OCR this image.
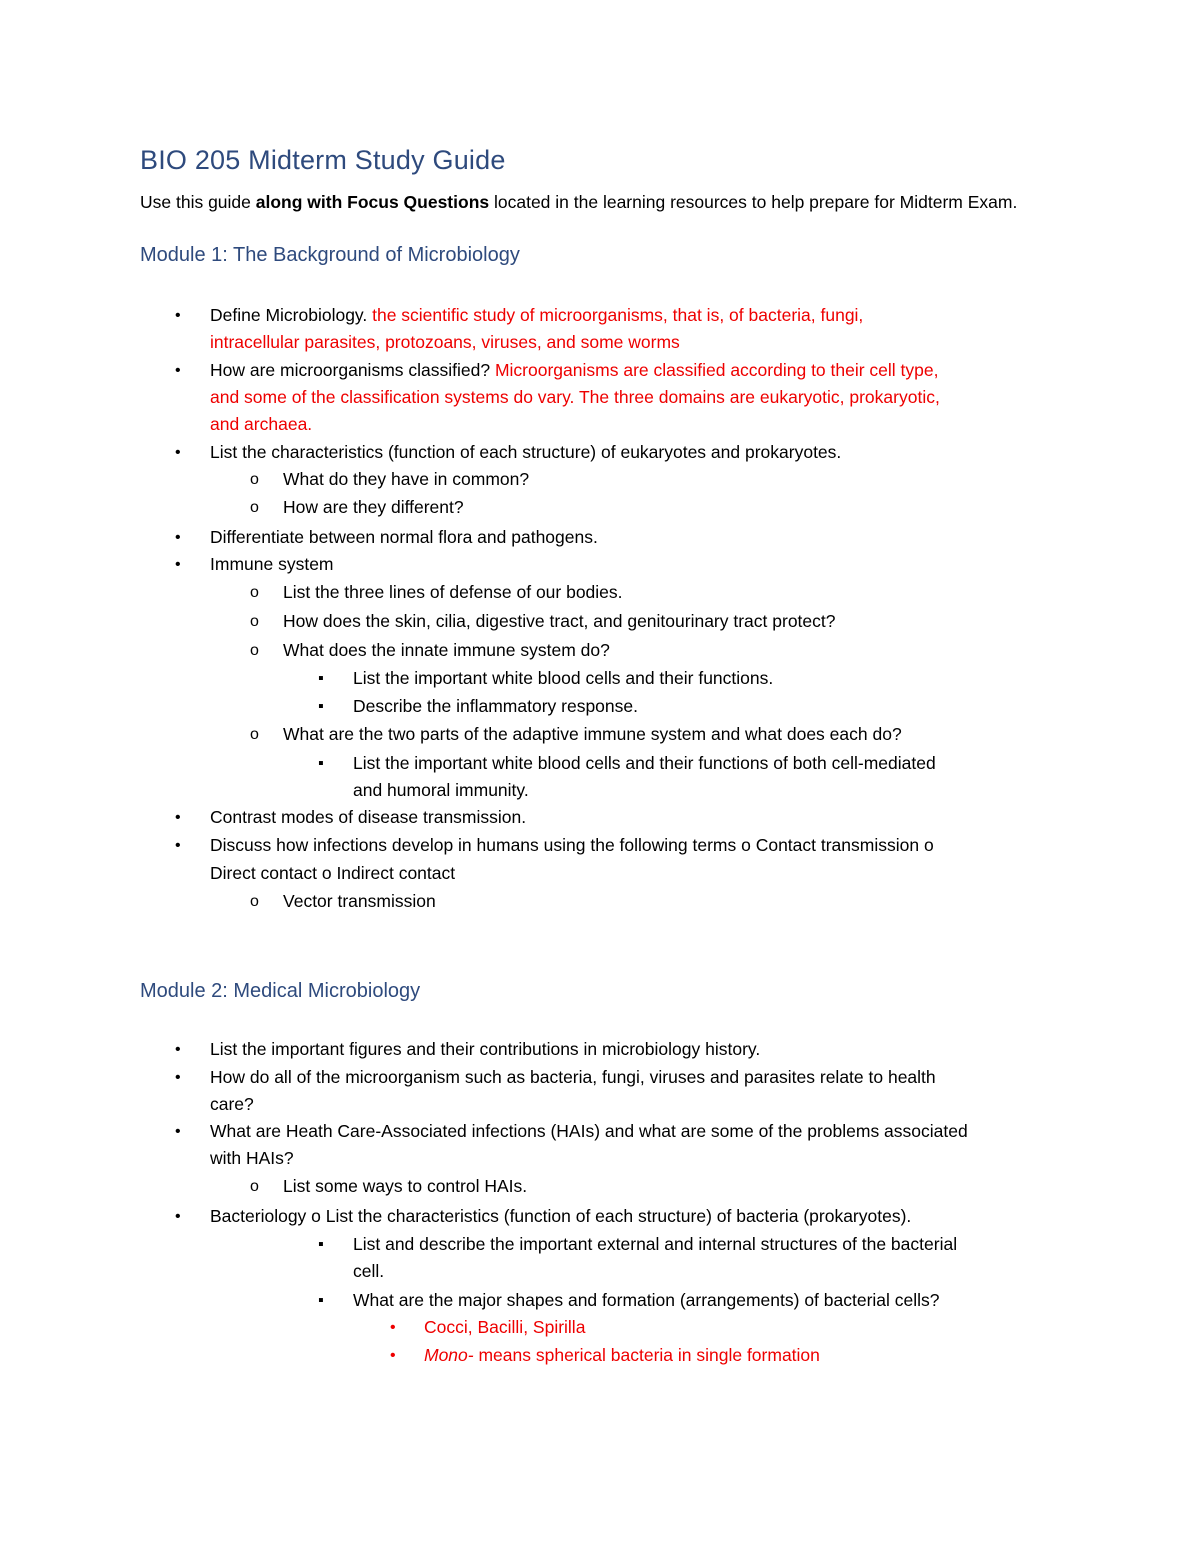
BIO 205 Midterm Study Guide
Use this guide along with Focus Questions located in the learning resources to help prepare for Midterm Exam.
Module 1: The Background of Microbiology
• Define Microbiology. the scientific study of microorganisms, that is, of bacteria, fungi,
intracellular parasites, protozoans, viruses, and some worms
• How are microorganisms classified? Microorganisms are classified according to their cell type,
and some of the classification systems do vary. The three domains are eukaryotic, prokaryotic,
and archaea.
• List the characteristics (function of each structure) of eukaryotes and prokaryotes.
o What do they have in common?
o How are they different?
• Differentiate between normal flora and pathogens.
• Immune system
o List the three lines of defense of our bodies.
o How does the skin, cilia, digestive tract, and genitourinary tract protect?
o What does the innate immune system do?
▪ List the important white blood cells and their functions.
▪ Describe the inflammatory response.
o What are the two parts of the adaptive immune system and what does each do?
▪ List the important white blood cells and their functions of both cell-mediated
and humoral immunity.
• Contrast modes of disease transmission.
• Discuss how infections develop in humans using the following terms o Contact transmission o
Direct contact o Indirect contact
o Vector transmission
Module 2: Medical Microbiology
• List the important figures and their contributions in microbiology history.
• How do all of the microorganism such as bacteria, fungi, viruses and parasites relate to health
care?
• What are Heath Care-Associated infections (HAIs) and what are some of the problems associated
with HAIs?
o List some ways to control HAIs.
• Bacteriology o List the characteristics (function of each structure) of bacteria (prokaryotes).
▪ List and describe the important external and internal structures of the bacterial
cell.
▪ What are the major shapes and formation (arrangements) of bacterial cells?
• Cocci, Bacilli, Spirilla
• Mono- means spherical bacteria in single formation
